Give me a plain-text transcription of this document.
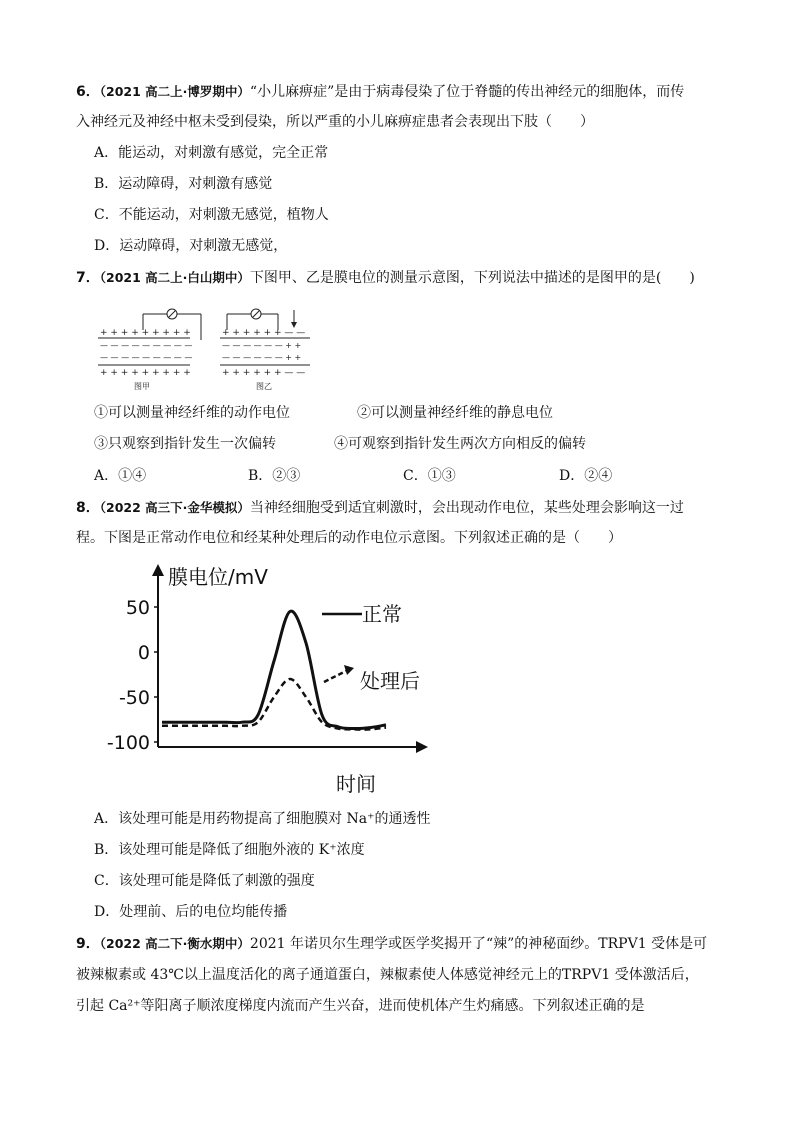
6．（2021 高二上·博罗期中）“小儿麻痹症”是由于病毒侵染了位于脊髓的传出神经元的细胞体，而传
入神经元及神经中枢未受到侵染，所以严重的小儿麻痹症患者会表现出下肢（　　）
A．能运动，对刺激有感觉，完全正常
B．运动障碍，对刺激有感觉
C．不能运动，对刺激无感觉，植物人
D．运动障碍，对刺激无感觉，
7．（2021 高二上·白山期中）下图甲、乙是膜电位的测量示意图，下列说法中描述的是图甲的是(　　)
+ + + + + + + + +
— — — — — — — — —
— — — — — — — — —
+ + + + + + + + +
图甲
+ + + + + + — —
— — — — — — + +
— — — — — — + +
+ + + + + + — —
图乙
①可以测量神经纤维的动作电位	②可以测量神经纤维的静息电位
③只观察到指针发生一次偏转	④可观察到指针发生两次方向相反的偏转
A．①④	B．②③	C．①③	D．②④
8．（2022 高三下·金华模拟）当神经细胞受到适宜刺激时，会出现动作电位，某些处理会影响这一过
程。下图是正常动作电位和经某种处理后的动作电位示意图。下列叙述正确的是（　　）
膜电位/mV
时间
50
0
-50
-100
正常
处理后
A．该处理可能是用药物提高了细胞膜对 Na⁺的通透性
B．该处理可能是降低了细胞外液的 K⁺浓度
C．该处理可能是降低了刺激的强度
D．处理前、后的电位均能传播
9．（2022 高二下·衡水期中）2021 年诺贝尔生理学或医学奖揭开了“辣”的神秘面纱。TRPV1 受体是可
被辣椒素或 43℃以上温度活化的离子通道蛋白，辣椒素使人体感觉神经元上的TRPV1 受体激活后，
引起 Ca²⁺等阳离子顺浓度梯度内流而产生兴奋，进而使机体产生灼痛感。下列叙述正确的是
